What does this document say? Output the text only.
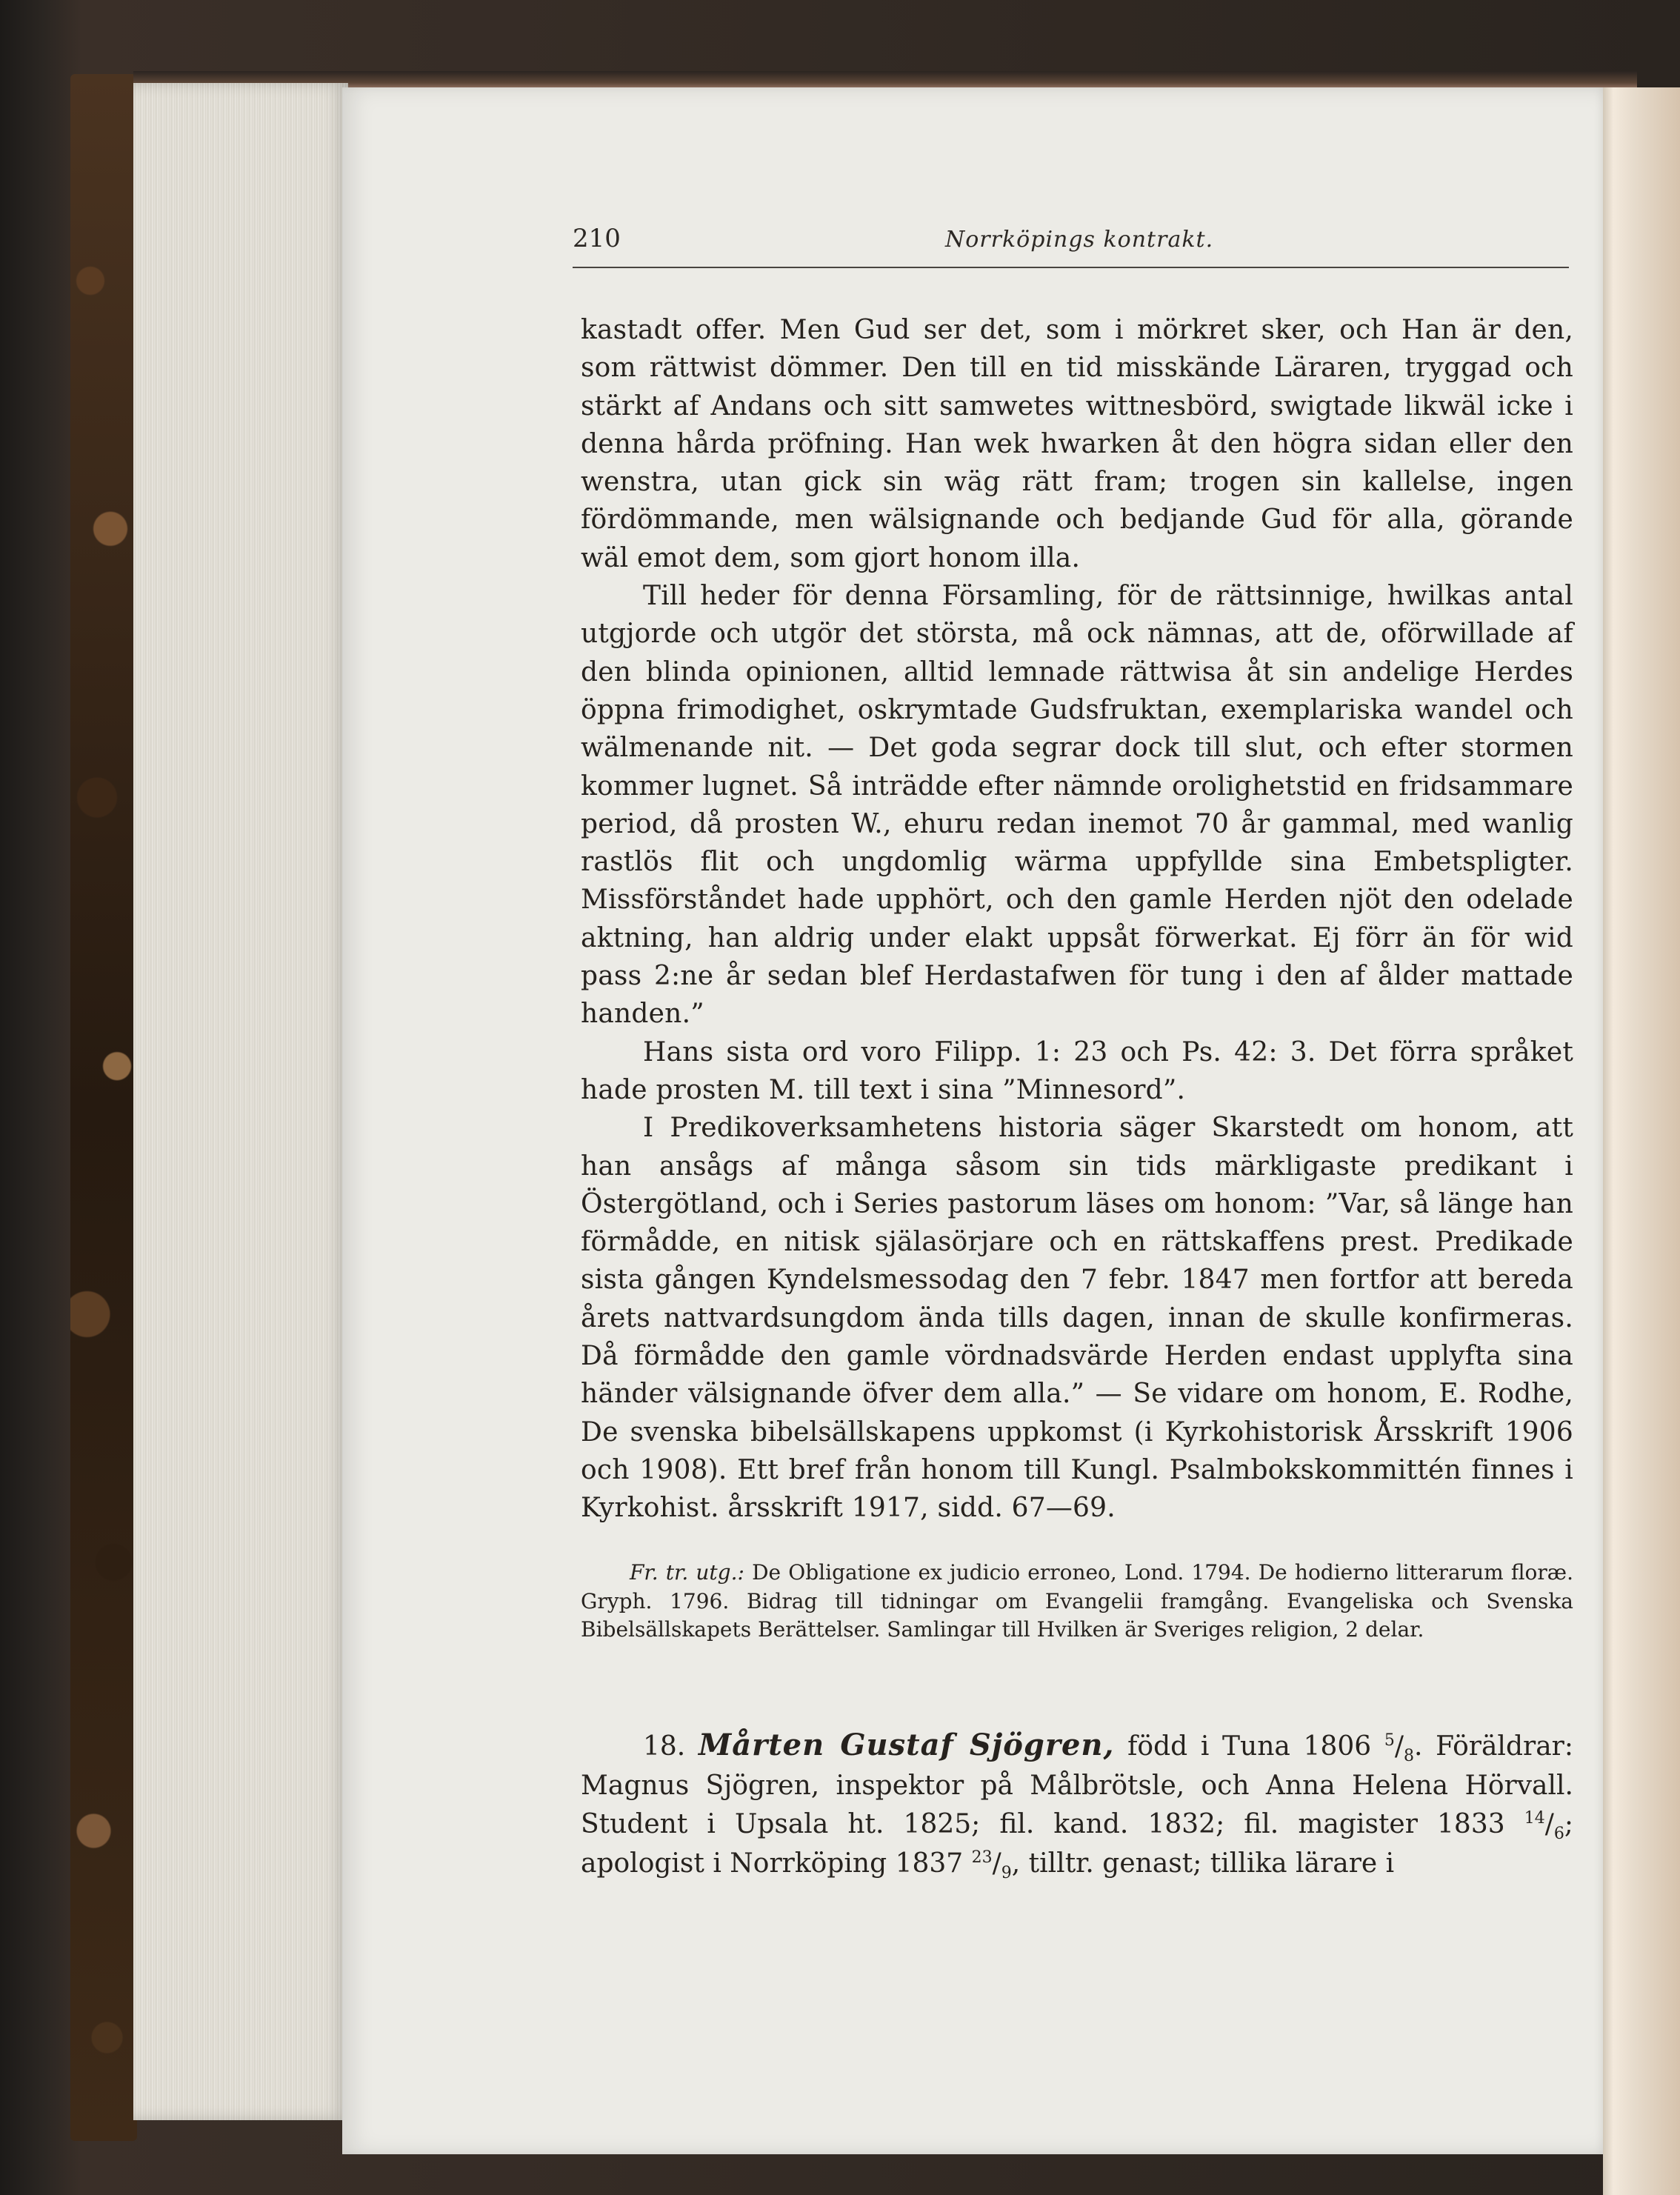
210	Norrköpings kontrakt.

kastadt offer. Men Gud ser det, som i mörkret sker, och Han är den, som rättwist dömmer. Den till en tid misskände Läraren, tryggad och stärkt af Andans och sitt samwetes wittnesbörd, swigtade likwäl icke i denna hårda pröfning. Han wek hwarken åt den högra sidan eller den wenstra, utan gick sin wäg rätt fram; trogen sin kallelse, ingen fördömmande, men wälsignande och bedjande Gud för alla, görande wäl emot dem, som gjort honom illa.

Till heder för denna Församling, för de rättsinnige, hwilkas antal utgjorde och utgör det största, må ock nämnas, att de, oförwillade af den blinda opinionen, alltid lemnade rättwisa åt sin andelige Herdes öppna frimodighet, oskrymtade Gudsfruktan, exemplariska wandel och wälmenande nit. — Det goda segrar dock till slut, och efter stormen kommer lugnet. Så inträdde efter nämnde orolighetstid en fridsammare period, då prosten W., ehuru redan inemot 70 år gammal, med wanlig rastlös flit och ungdomlig wärma uppfyllde sina Embetspligter. Missförståndet hade upphört, och den gamle Herden njöt den odelade aktning, han aldrig under elakt uppsåt förwerkat. Ej förr än för wid pass 2:ne år sedan blef Herdastafwen för tung i den af ålder mattade handen.”

Hans sista ord voro Filipp. 1: 23 och Ps. 42: 3. Det förra språket hade prosten M. till text i sina ”Minnesord”.

I Predikoverksamhetens historia säger Skarstedt om honom, att han ansågs af många såsom sin tids märkligaste predikant i Östergötland, och i Series pastorum läses om honom: ”Var, så länge han förmådde, en nitisk själasörjare och en rättskaffens prest. Predikade sista gången Kyndelsmessodag den 7 febr. 1847 men fortfor att bereda årets nattvardsungdom ända tills dagen, innan de skulle konfirmeras. Då förmådde den gamle vördnadsvärde Herden endast upplyfta sina händer välsignande öfver dem alla.” — Se vidare om honom, E. Rodhe, De svenska bibelsällskapens uppkomst (i Kyrkohistorisk Årsskrift 1906 och 1908). Ett bref från honom till Kungl. Psalmbokskommittén finnes i Kyrkohist. årsskrift 1917, sidd. 67—69.

Fr. tr. utg.: De Obligatione ex judicio erroneo, Lond. 1794. De hodierno litterarum floræ. Gryph. 1796. Bidrag till tidningar om Evangelii framgång. Evangeliska och Svenska Bibelsällskapets Berättelser. Samlingar till Hvilken är Sveriges religion, 2 delar.
18. Mårten Gustaf Sjögren, född i Tuna 1806 $^5/_8$. Föräldrar: Magnus Sjögren, inspektor på Målbrötsle, och Anna Helena Hörvall. Student i Upsala ht. 1825; fil. kand. 1832; fil. magister 1833 $^{14}/_6$; apologist i Norrköping 1837 $^{23}/_9$, tilltr. genast; tillika lärare i
